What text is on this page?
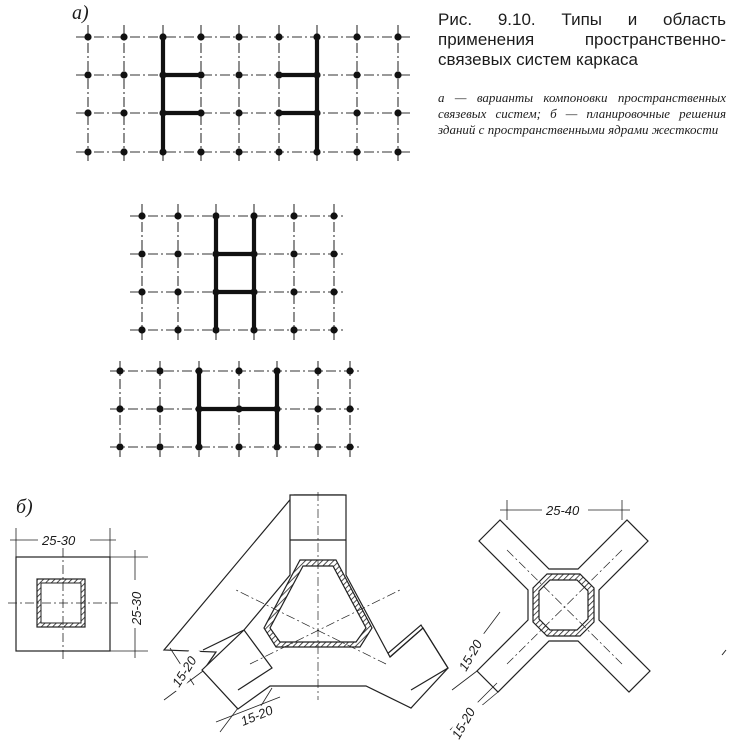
25-30
25-30
15-20
15-20
25-40
15-20
15-20
а)
б)
Рис. 9.10. Типы и область применения пространственно-связевых систем каркаса
а — варианты компоновки пространственных связевых систем; б — планировочные решения зданий с пространственными ядрами жесткости
